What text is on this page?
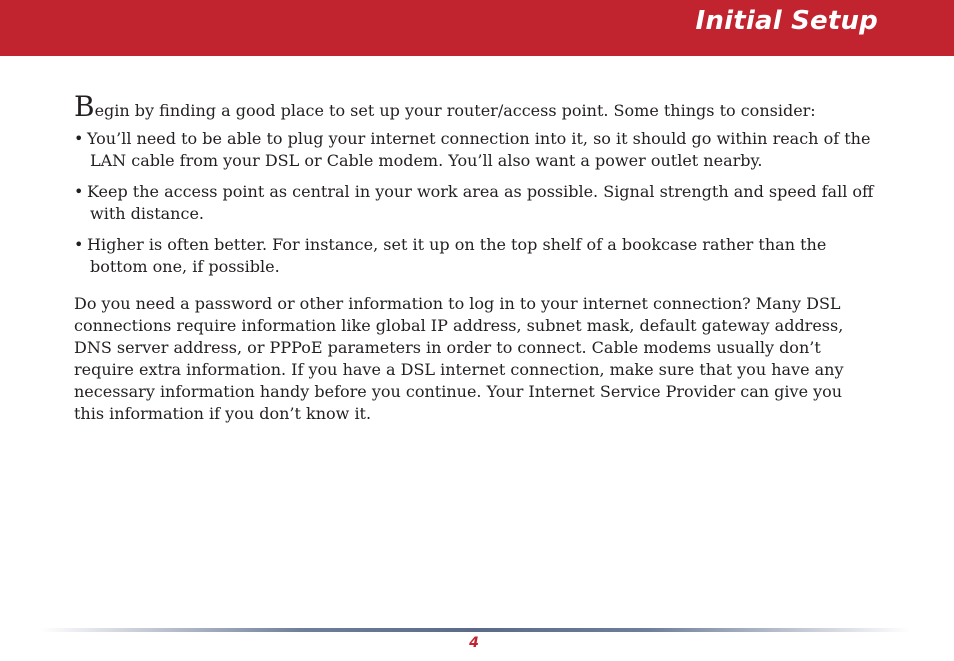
Initial Setup

Begin by finding a good place to set up your router/access point. Some things to consider:

• You’ll need to be able to plug your internet connection into it, so it should go within reach of the LAN cable from your DSL or Cable modem. You’ll also want a power outlet nearby.
• Keep the access point as central in your work area as possible. Signal strength and speed fall off with distance.
• Higher is often better. For instance, set it up on the top shelf of a bookcase rather than the bottom one, if possible.

Do you need a password or other information to log in to your internet connection? Many DSL connections require information like global IP address, subnet mask, default gateway address, DNS server address, or PPPoE parameters in order to connect. Cable modems usually don’t require extra information. If you have a DSL internet connection, make sure that you have any necessary information handy before you continue. Your Internet Service Provider can give you this information if you don’t know it.

4
